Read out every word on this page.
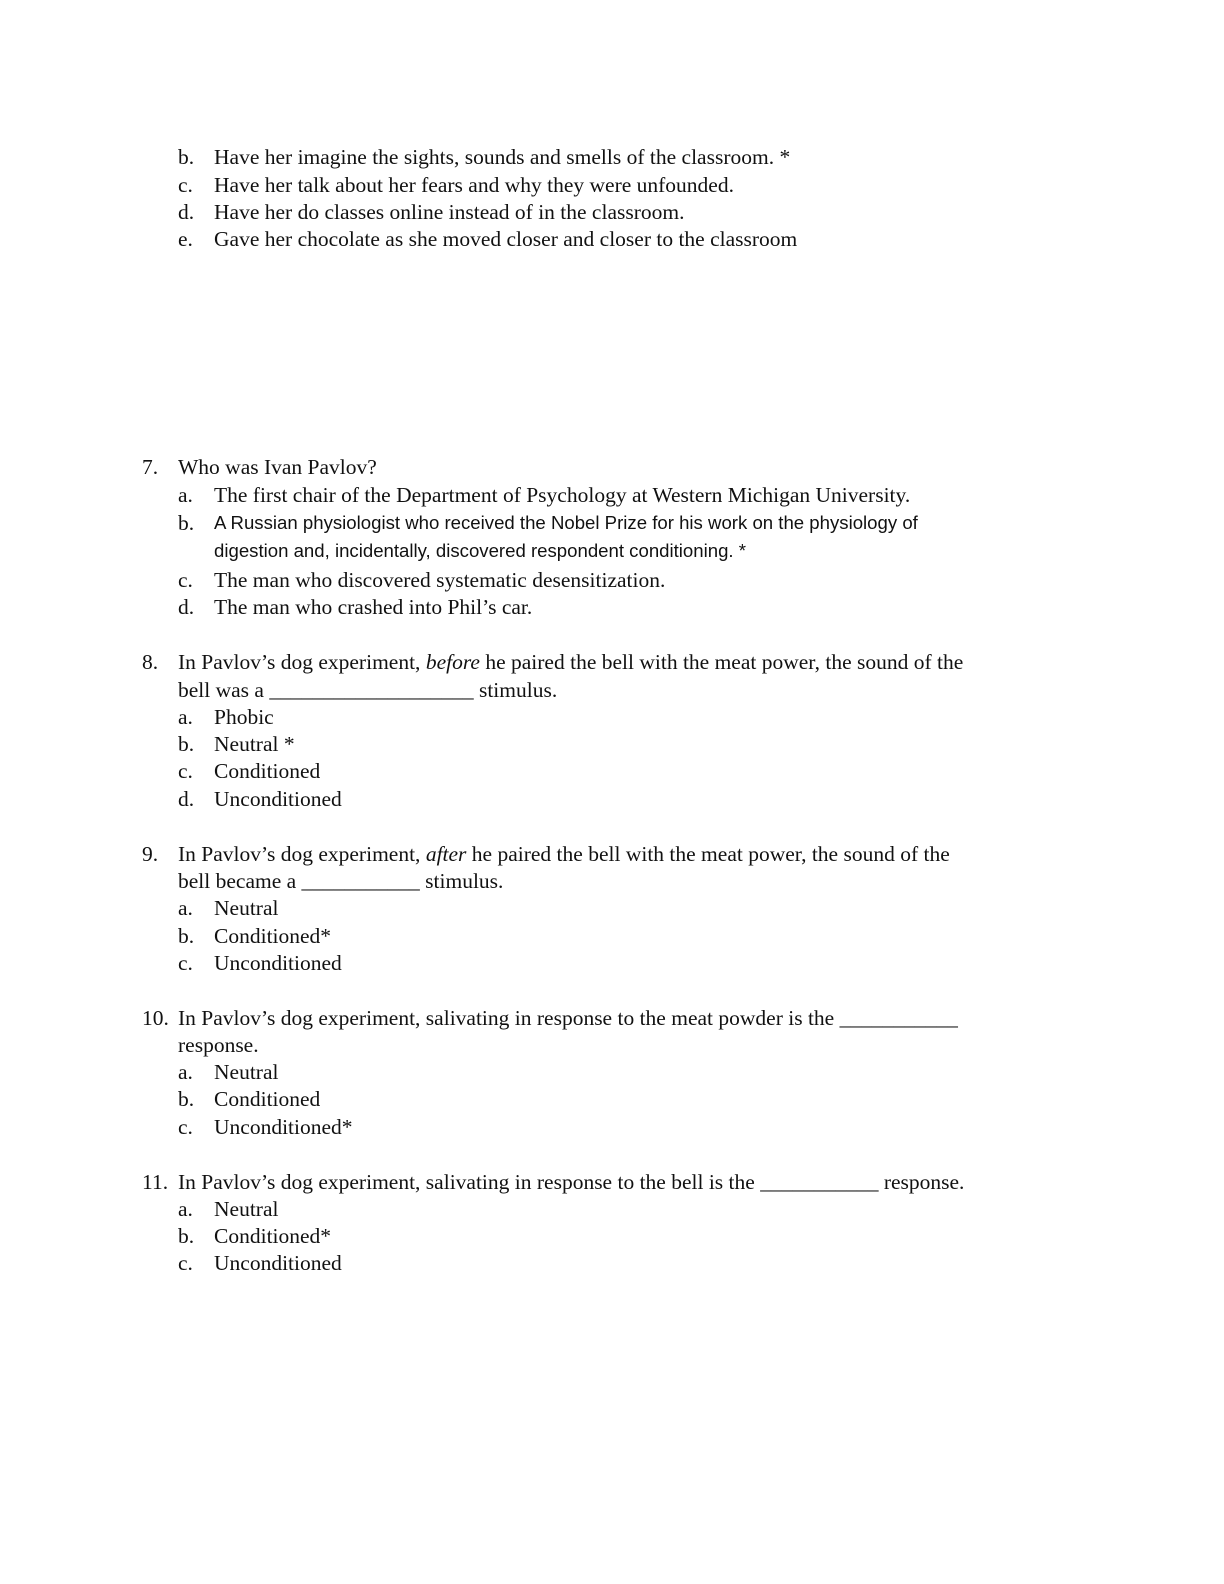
b. Have her imagine the sights, sounds and smells of the classroom. *
c. Have her talk about her fears and why they were unfounded.
d. Have her do classes online instead of in the classroom.
e. Gave her chocolate as she moved closer and closer to the classroom
7. Who was Ivan Pavlov?
a. The first chair of the Department of Psychology at Western Michigan University.
b. A Russian physiologist who received the Nobel Prize for his work on the physiology of
digestion and, incidentally, discovered respondent conditioning. *
c. The man who discovered systematic desensitization.
d. The man who crashed into Phil’s car.
8. In Pavlov’s dog experiment, before he paired the bell with the meat power, the sound of the
bell was a ___________________ stimulus.
a. Phobic
b. Neutral *
c. Conditioned
d. Unconditioned
9. In Pavlov’s dog experiment, after he paired the bell with the meat power, the sound of the
bell became a ___________ stimulus.
a. Neutral
b. Conditioned*
c. Unconditioned
10. In Pavlov’s dog experiment, salivating in response to the meat powder is the ___________
response.
a. Neutral
b. Conditioned
c. Unconditioned*
11. In Pavlov’s dog experiment, salivating in response to the bell is the ___________ response.
a. Neutral
b. Conditioned*
c. Unconditioned
